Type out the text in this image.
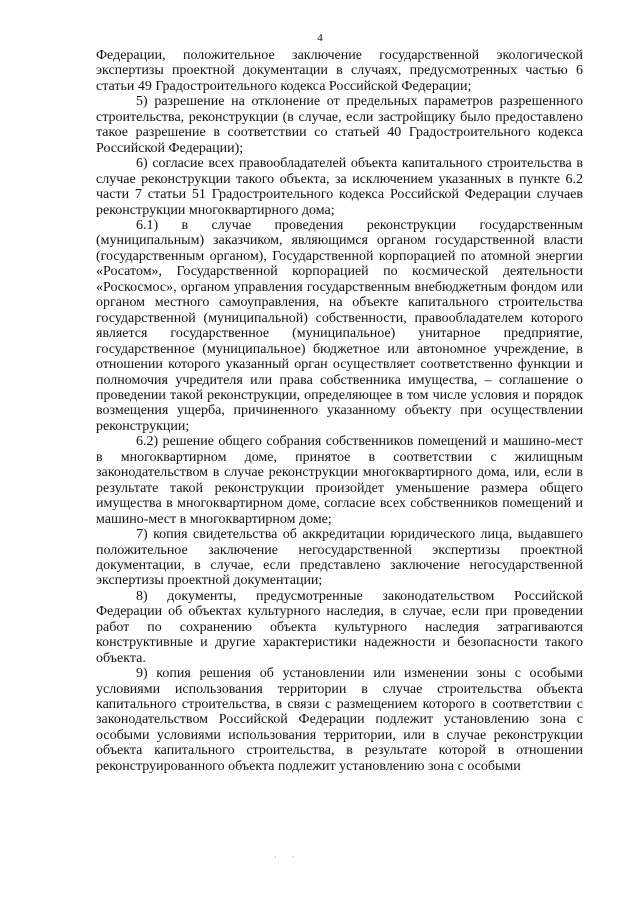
4

Федерации, положительное заключение государственной экологической экспертизы проектной документации в случаях, предусмотренных частью 6 статьи 49 Градостроительного кодекса Российской Федерации;

5) разрешение на отклонение от предельных параметров разрешенного строительства, реконструкции (в случае, если застройщику было предоставлено такое разрешение в соответствии со статьей 40 Градостроительного кодекса Российской Федерации);

6) согласие всех правообладателей объекта капитального строительства в случае реконструкции такого объекта, за исключением указанных в пункте 6.2 части 7 статьи 51 Градостроительного кодекса Российской Федерации случаев реконструкции многоквартирного дома;

6.1) в случае проведения реконструкции государственным (муниципальным) заказчиком, являющимся органом государственной власти (государственным органом), Государственной корпорацией по атомной энергии «Росатом», Государственной корпорацией по космической деятельности «Роскосмос», органом управления государственным внебюджетным фондом или органом местного самоуправления, на объекте капитального строительства государственной (муниципальной) собственности, правообладателем которого является государственное (муниципальное) унитарное предприятие, государственное (муниципальное) бюджетное или автономное учреждение, в отношении которого указанный орган осуществляет соответственно функции и полномочия учредителя или права собственника имущества, – соглашение о проведении такой реконструкции, определяющее в том числе условия и порядок возмещения ущерба, причиненного указанному объекту при осуществлении реконструкции;

6.2) решение общего собрания собственников помещений и машино-мест в многоквартирном доме, принятое в соответствии с жилищным законодательством в случае реконструкции многоквартирного дома, или, если в результате такой реконструкции произойдет уменьшение размера общего имущества в многоквартирном доме, согласие всех собственников помещений и машино-мест в многоквартирном доме;

7) копия свидетельства об аккредитации юридического лица, выдавшего положительное заключение негосударственной экспертизы проектной документации, в случае, если представлено заключение негосударственной экспертизы проектной документации;

8) документы, предусмотренные законодательством Российской Федерации об объектах культурного наследия, в случае, если при проведении работ по сохранению объекта культурного наследия затрагиваются конструктивные и другие характеристики надежности и безопасности такого объекта.

9) копия решения об установлении или изменении зоны с особыми условиями использования территории в случае строительства объекта капитального строительства, в связи с размещением которого в соответствии с законодательством Российской Федерации подлежит установлению зона с особыми условиями использования территории, или в случае реконструкции объекта капитального строительства, в результате которой в отношении реконструированного объекта подлежит установлению зона с особыми

· ·
